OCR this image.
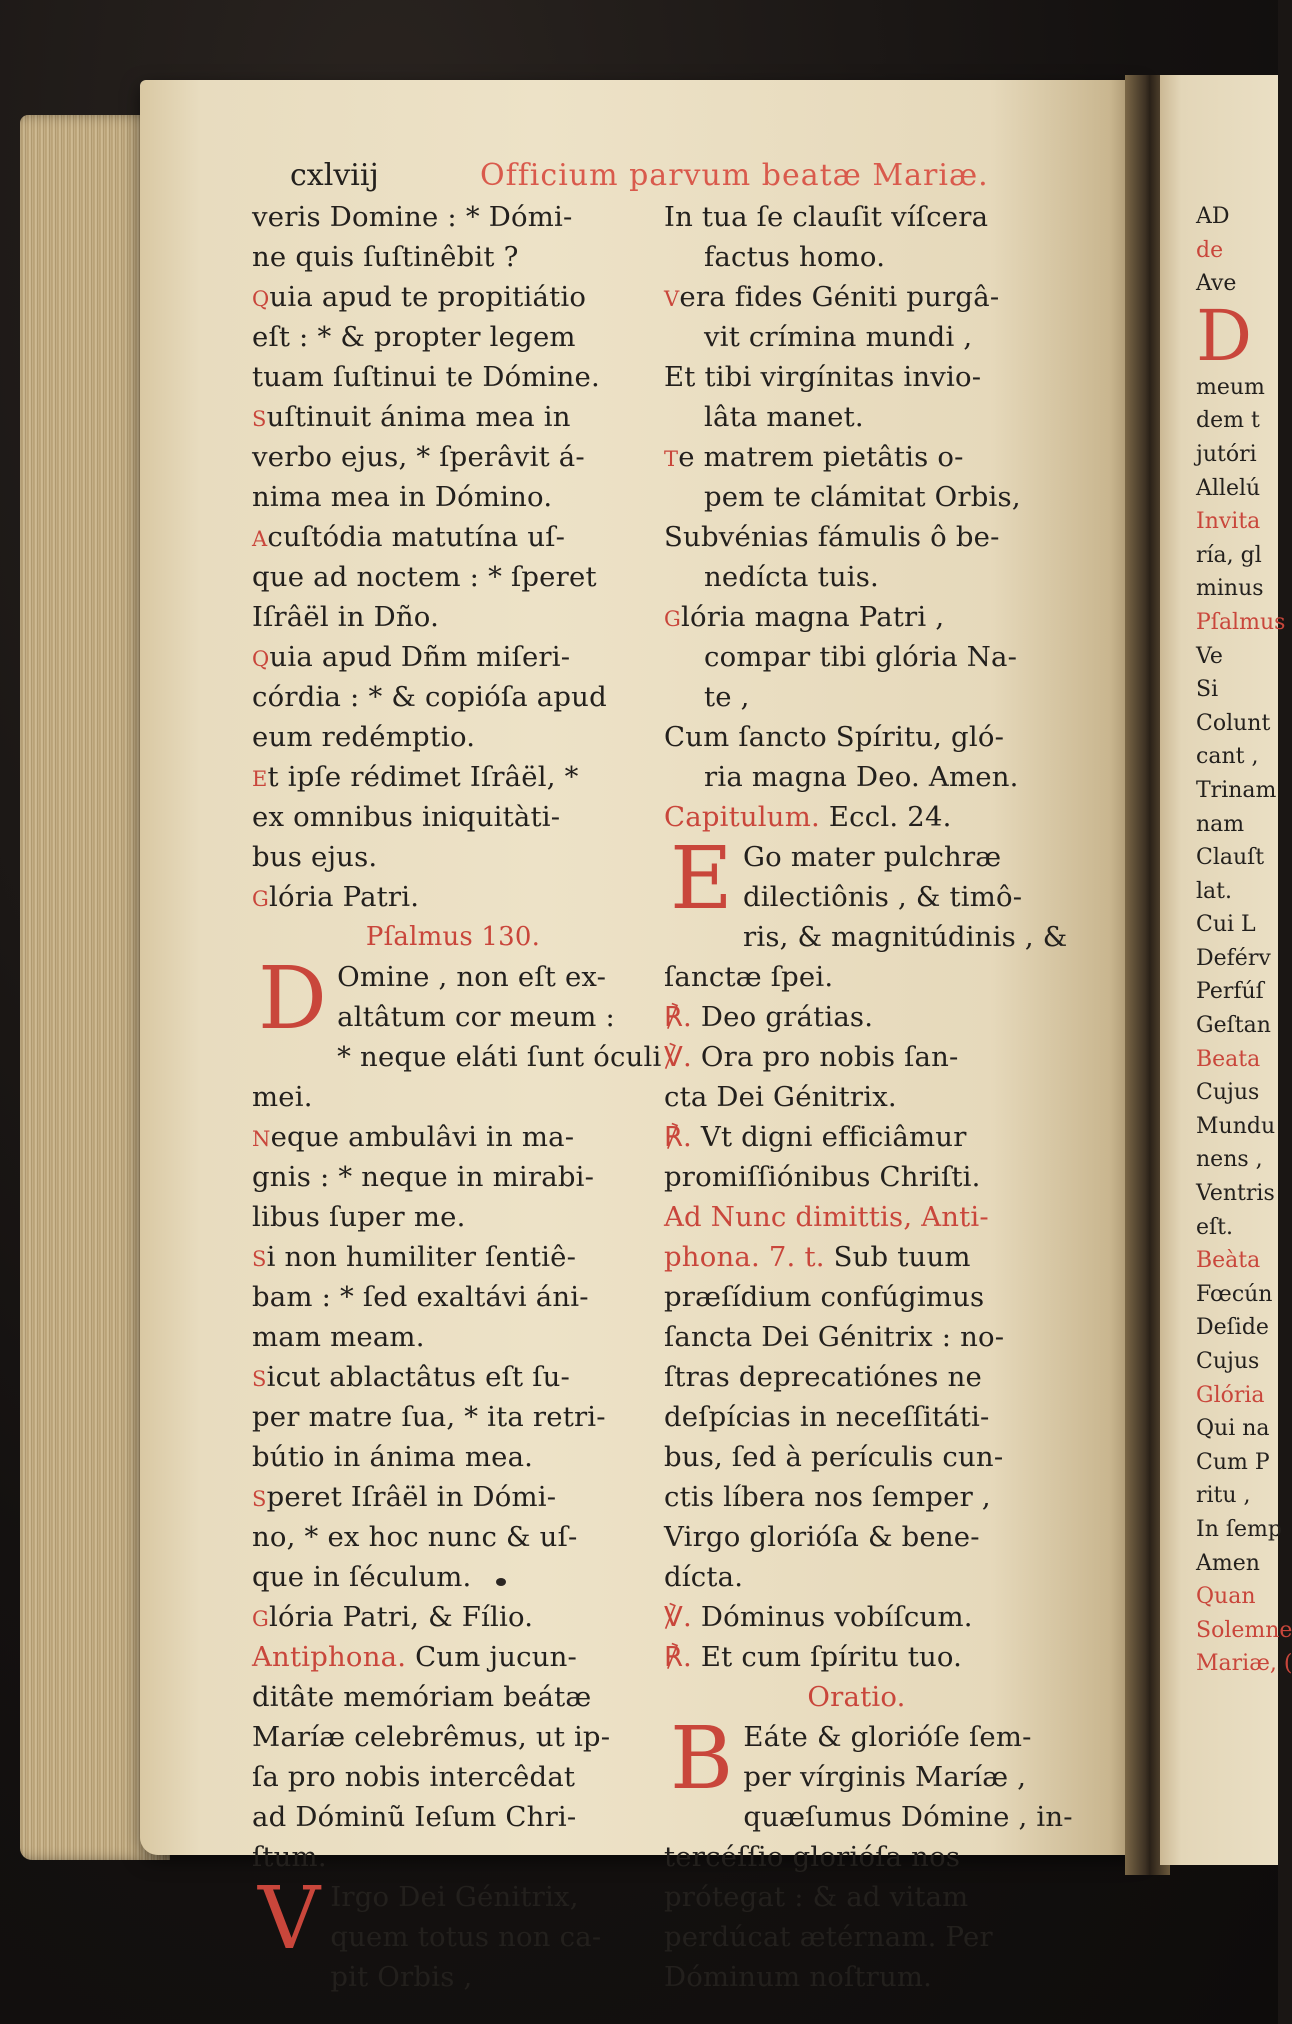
cxlviij	Officium parvum beatæ Mariæ.
veris Domine : * Dómi-
ne quis ſuſtinêbit ?
Quia apud te propitiátio
eſt : * & propter legem
tuam ſuſtinui te Dómine.
Suſtinuit ánima mea in
verbo ejus, * ſperâvit á-
nima mea in Dómino.
Acuſtódia matutína uſ-
que ad noctem : * ſperet
Iſrâël in Dño.
Quia apud Dñm miſeri-
córdia : * & copióſa apud
eum redémptio.
Et ipſe rédimet Iſrâël, *
ex omnibus iniquitàti-
bus ejus.
Glória Patri.
Pſalmus 130.
D Omine , non eſt ex-
altâtum cor meum :
* neque eláti ſunt óculi
mei.
Neque ambulâvi in ma-
gnis : * neque in mirabi-
libus ſuper me.
Si non humiliter ſentiê-
bam : * ſed exaltávi áni-
mam meam.
Sicut ablactâtus eſt ſu-
per matre ſua, * ita retri-
bútio in ánima mea.
Speret Iſrâël in Dómi-
no, * ex hoc nunc & uſ-
que in ſéculum.
Glória Patri, & Fílio.
Antiphona. Cum jucun-
ditâte memóriam beátæ
Maríæ celebrêmus, ut ip-
ſa pro nobis intercêdat
ad Dóminũ Ieſum Chri-
ſtum.
V Irgo Dei Génitrix,
quem totus non ca-
pit Orbis ,
In tua ſe clauſit víſcera
factus homo.
Vera fides Géniti purgâ-
vit crímina mundi ,
Et tibi virgínitas invio-
lâta manet.
Te matrem pietâtis o-
pem te clámitat Orbis,
Subvénias fámulis ô be-
nedícta tuis.
Glória magna Patri ,
compar tibi glória Na-
te ,
Cum ſancto Spíritu, gló-
ria magna Deo. Amen.
Capitulum. Eccl. 24.
E Go mater pulchræ
dilectiônis , & timô-
ris, & magnitúdinis , &
ſanctæ ſpei.
℟. Deo grátias.
℣. Ora pro nobis ſan-
cta Dei Génitrix.
℟. Vt digni efficiâmur
promiſſiónibus Chriſti.
Ad Nunc dimittis, Anti-
phona. 7. t. Sub tuum
præſídium confúgimus
ſancta Dei Génitrix : no-
ſtras deprecatiónes ne
deſpícias in neceſſitáti-
bus, ſed à perículis cun-
ctis líbera nos ſemper ,
Virgo glorióſa & bene-
dícta.
℣. Dóminus vobíſcum.
℟. Et cum ſpíritu tuo.
Oratio.
B Eáte & glorióſe ſem-
per vírginis Maríæ ,
quæſumus Dómine , in-
tercéſſio glorióſa nos
prótegat : & ad vitam
perdúcat ætérnam. Per
Dóminum noſtrum.
AD
de
Ave
D
meum
dem t
jutóri
Allelú
Invita
ría, gl
minus
Pſalmus
Ve
Si
Colunt
cant ,
Trinam
nam
Clauſt
lat.
Cui L
Deférv
Perfúſ
Geſtan
Beata
Cujus
Mundu
nens ,
Ventris
eſt.
Beàta
Fœcún
Deſide
Cujus
Glória
Qui na
Cum P
ritu ,
In ſemp
Amen
Quan
Solemne
Mariæ, (
